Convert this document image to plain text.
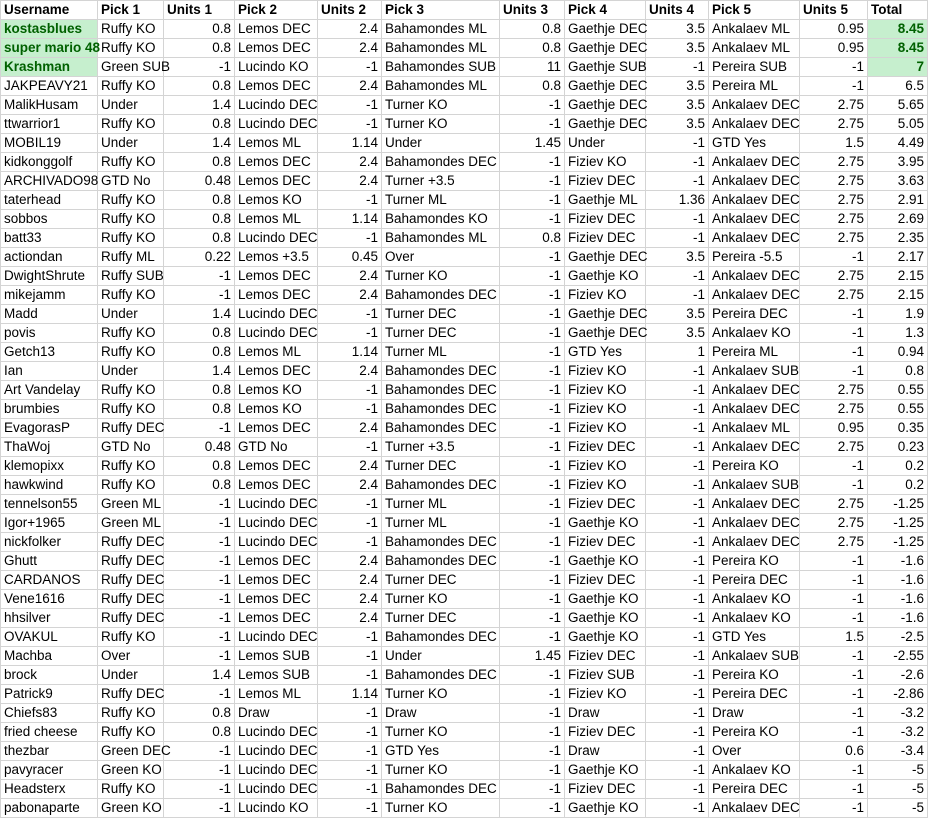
Username	Pick 1	Units 1	Pick 2	Units 2	Pick 3	Units 3	Pick 4	Units 4	Pick 5	Units 5	Total
kostasblues	Ruffy KO	0.8	Lemos DEC	2.4	Bahamondes ML	0.8	Gaethje DEC	3.5	Ankalaev ML	0.95	8.45
super mario 48	Ruffy KO	0.8	Lemos DEC	2.4	Bahamondes ML	0.8	Gaethje DEC	3.5	Ankalaev ML	0.95	8.45
Krashman	Green SUB	-1	Lucindo KO	-1	Bahamondes SUB	11	Gaethje SUB	-1	Pereira SUB	-1	7
JAKPEAVY21	Ruffy KO	0.8	Lemos DEC	2.4	Bahamondes ML	0.8	Gaethje DEC	3.5	Pereira ML	-1	6.5
MalikHusam	Under	1.4	Lucindo DEC	-1	Turner KO	-1	Gaethje DEC	3.5	Ankalaev DEC	2.75	5.65
ttwarrior1	Ruffy KO	0.8	Lucindo DEC	-1	Turner KO	-1	Gaethje DEC	3.5	Ankalaev DEC	2.75	5.05
MOBIL19	Under	1.4	Lemos ML	1.14	Under	1.45	Under	-1	GTD Yes	1.5	4.49
kidkonggolf	Ruffy KO	0.8	Lemos DEC	2.4	Bahamondes DEC	-1	Fiziev KO	-1	Ankalaev DEC	2.75	3.95
ARCHIVADO98	GTD No	0.48	Lemos DEC	2.4	Turner +3.5	-1	Fiziev DEC	-1	Ankalaev DEC	2.75	3.63
taterhead	Ruffy KO	0.8	Lemos KO	-1	Turner ML	-1	Gaethje ML	1.36	Ankalaev DEC	2.75	2.91
sobbos	Ruffy KO	0.8	Lemos ML	1.14	Bahamondes KO	-1	Fiziev DEC	-1	Ankalaev DEC	2.75	2.69
batt33	Ruffy KO	0.8	Lucindo DEC	-1	Bahamondes ML	0.8	Fiziev DEC	-1	Ankalaev DEC	2.75	2.35
actiondan	Ruffy ML	0.22	Lemos +3.5	0.45	Over	-1	Gaethje DEC	3.5	Pereira -5.5	-1	2.17
DwightShrute	Ruffy SUB	-1	Lemos DEC	2.4	Turner KO	-1	Gaethje KO	-1	Ankalaev DEC	2.75	2.15
mikejamm	Ruffy KO	-1	Lemos DEC	2.4	Bahamondes DEC	-1	Fiziev KO	-1	Ankalaev DEC	2.75	2.15
Madd	Under	1.4	Lucindo DEC	-1	Turner DEC	-1	Gaethje DEC	3.5	Pereira DEC	-1	1.9
povis	Ruffy KO	0.8	Lucindo DEC	-1	Turner DEC	-1	Gaethje DEC	3.5	Ankalaev KO	-1	1.3
Getch13	Ruffy KO	0.8	Lemos ML	1.14	Turner ML	-1	GTD Yes	1	Pereira ML	-1	0.94
Ian	Under	1.4	Lemos DEC	2.4	Bahamondes DEC	-1	Fiziev KO	-1	Ankalaev SUB	-1	0.8
Art Vandelay	Ruffy KO	0.8	Lemos KO	-1	Bahamondes DEC	-1	Fiziev KO	-1	Ankalaev DEC	2.75	0.55
brumbies	Ruffy KO	0.8	Lemos KO	-1	Bahamondes DEC	-1	Fiziev KO	-1	Ankalaev DEC	2.75	0.55
EvagorasP	Ruffy DEC	-1	Lemos DEC	2.4	Bahamondes DEC	-1	Fiziev KO	-1	Ankalaev ML	0.95	0.35
ThaWoj	GTD No	0.48	GTD No	-1	Turner +3.5	-1	Fiziev DEC	-1	Ankalaev DEC	2.75	0.23
klemopixx	Ruffy KO	0.8	Lemos DEC	2.4	Turner DEC	-1	Fiziev KO	-1	Pereira KO	-1	0.2
hawkwind	Ruffy KO	0.8	Lemos DEC	2.4	Bahamondes DEC	-1	Fiziev KO	-1	Ankalaev SUB	-1	0.2
tennelson55	Green ML	-1	Lucindo DEC	-1	Turner ML	-1	Fiziev DEC	-1	Ankalaev DEC	2.75	-1.25
Igor+1965	Green ML	-1	Lucindo DEC	-1	Turner ML	-1	Gaethje KO	-1	Ankalaev DEC	2.75	-1.25
nickfolker	Ruffy DEC	-1	Lucindo DEC	-1	Bahamondes DEC	-1	Fiziev DEC	-1	Ankalaev DEC	2.75	-1.25
Ghutt	Ruffy DEC	-1	Lemos DEC	2.4	Bahamondes DEC	-1	Gaethje KO	-1	Pereira KO	-1	-1.6
CARDANOS	Ruffy DEC	-1	Lemos DEC	2.4	Turner DEC	-1	Fiziev DEC	-1	Pereira DEC	-1	-1.6
Vene1616	Ruffy DEC	-1	Lemos DEC	2.4	Turner KO	-1	Gaethje KO	-1	Ankalaev KO	-1	-1.6
hhsilver	Ruffy DEC	-1	Lemos DEC	2.4	Turner DEC	-1	Gaethje KO	-1	Ankalaev KO	-1	-1.6
OVAKUL	Ruffy KO	-1	Lucindo DEC	-1	Bahamondes DEC	-1	Gaethje KO	-1	GTD Yes	1.5	-2.5
Machba	Over	-1	Lemos SUB	-1	Under	1.45	Fiziev DEC	-1	Ankalaev SUB	-1	-2.55
brock	Under	1.4	Lemos SUB	-1	Bahamondes DEC	-1	Fiziev SUB	-1	Pereira KO	-1	-2.6
Patrick9	Ruffy DEC	-1	Lemos ML	1.14	Turner KO	-1	Fiziev KO	-1	Pereira DEC	-1	-2.86
Chiefs83	Ruffy KO	0.8	Draw	-1	Draw	-1	Draw	-1	Draw	-1	-3.2
fried cheese	Ruffy KO	0.8	Lucindo DEC	-1	Turner KO	-1	Fiziev DEC	-1	Pereira KO	-1	-3.2
thezbar	Green DEC	-1	Lucindo DEC	-1	GTD Yes	-1	Draw	-1	Over	0.6	-3.4
pavyracer	Green KO	-1	Lucindo DEC	-1	Turner KO	-1	Gaethje KO	-1	Ankalaev KO	-1	-5
Headsterx	Ruffy KO	-1	Lucindo DEC	-1	Bahamondes DEC	-1	Fiziev DEC	-1	Pereira DEC	-1	-5
pabonaparte	Green KO	-1	Lucindo KO	-1	Turner KO	-1	Gaethje KO	-1	Ankalaev DEC	-1	-5
